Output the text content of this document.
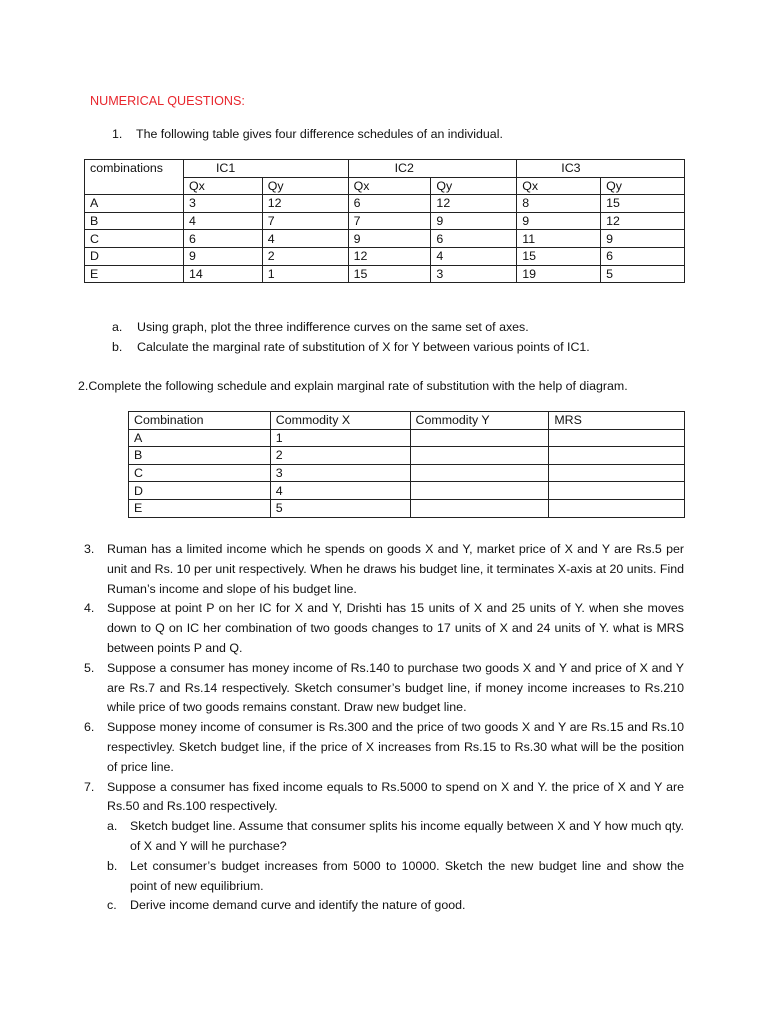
NUMERICAL QUESTIONS:
1. The following table gives four difference schedules of an individual.
combinations	IC1		IC2		IC3	
	Qx	Qy	Qx	Qy	Qx	Qy
A	3	12	6	12	8	15
B	4	7	7	9	9	12
C	6	4	9	6	11	9
D	9	2	12	4	15	6
E	14	1	15	3	19	5
a. Using graph, plot the three indifference curves on the same set of axes.
b. Calculate the marginal rate of substitution of X for Y between various points of IC1.
2.Complete the following schedule and explain marginal rate of substitution with the help of diagram.
Combination	Commodity X	Commodity Y	MRS
A	1		
B	2		
C	3		
D	4		
E	5		
3. Ruman has a limited income which he spends on goods X and Y, market price of X and Y are Rs.5 per unit and Rs. 10 per unit respectively. When he draws his budget line, it terminates X-axis at 20 units. Find Ruman’s income and slope of his budget line.
4. Suppose at point P on her IC for X and Y, Drishti has 15 units of X and 25 units of Y. when she moves down to Q on IC her combination of two goods changes to 17 units of X and 24 units of Y. what is MRS between points P and Q.
5. Suppose a consumer has money income of Rs.140 to purchase two goods X and Y and price of X and Y are Rs.7 and Rs.14 respectively. Sketch consumer’s budget line, if money income increases to Rs.210 while price of two goods remains constant. Draw new budget line.
6. Suppose money income of consumer is Rs.300 and the price of two goods X and Y are Rs.15 and Rs.10 respectivley. Sketch budget line, if the price of X increases from Rs.15 to Rs.30 what will be the position of price line.
7. Suppose a consumer has fixed income equals to Rs.5000 to spend on X and Y. the price of X and Y are Rs.50 and Rs.100 respectively.
a. Sketch budget line. Assume that consumer splits his income equally between X and Y how much qty. of X and Y will he purchase?
b. Let consumer’s budget increases from 5000 to 10000. Sketch the new budget line and show the point of new equilibrium.
c. Derive income demand curve and identify the nature of good.
